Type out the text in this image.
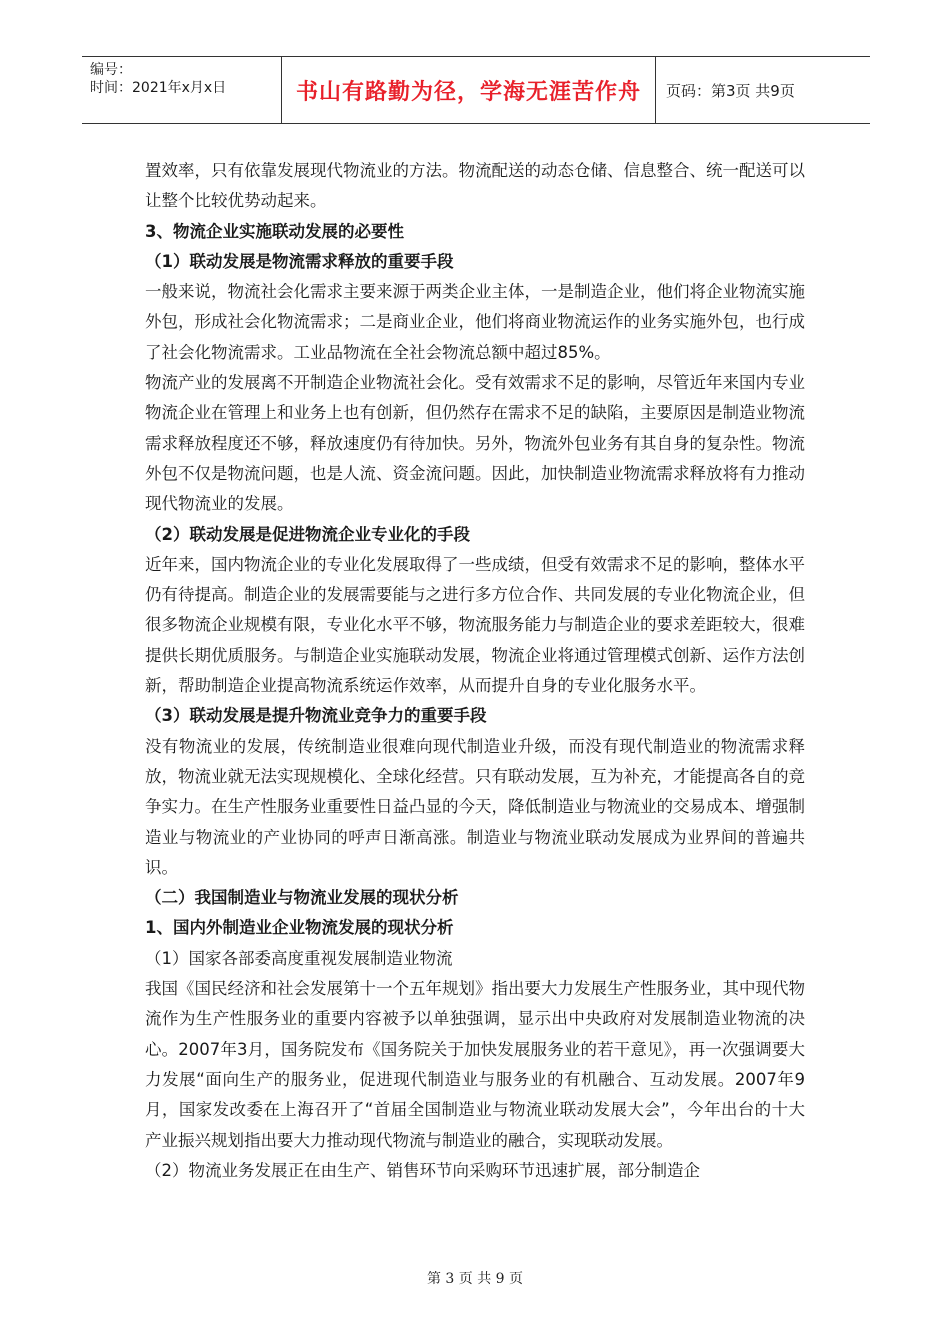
编号：
时间：2021年x月x日	书山有路勤为径，学海无涯苦作舟 页码：第3页 共9页

置效率，只有依靠发展现代物流业的方法。物流配送的动态仓储、信息整合、统一配送可以让整个比较优势动起来。

3、物流企业实施联动发展的必要性

（1）联动发展是物流需求释放的重要手段

一般来说，物流社会化需求主要来源于两类企业主体，一是制造企业，他们将企业物流实施外包，形成社会化物流需求；二是商业企业，他们将商业物流运作的业务实施外包，也行成了社会化物流需求。工业品物流在全社会物流总额中超过85%。

物流产业的发展离不开制造企业物流社会化。受有效需求不足的影响，尽管近年来国内专业物流企业在管理上和业务上也有创新，但仍然存在需求不足的缺陷，主要原因是制造业物流需求释放程度还不够，释放速度仍有待加快。另外，物流外包业务有其自身的复杂性。物流外包不仅是物流问题，也是人流、资金流问题。因此，加快制造业物流需求释放将有力推动现代物流业的发展。

（2）联动发展是促进物流企业专业化的手段

近年来，国内物流企业的专业化发展取得了一些成绩，但受有效需求不足的影响，整体水平仍有待提高。制造企业的发展需要能与之进行多方位合作、共同发展的专业化物流企业，但很多物流企业规模有限，专业化水平不够，物流服务能力与制造企业的要求差距较大，很难提供长期优质服务。与制造企业实施联动发展，物流企业将通过管理模式创新、运作方法创新，帮助制造企业提高物流系统运作效率，从而提升自身的专业化服务水平。

（3）联动发展是提升物流业竞争力的重要手段

没有物流业的发展，传统制造业很难向现代制造业升级，而没有现代制造业的物流需求释放，物流业就无法实现规模化、全球化经营。只有联动发展，互为补充，才能提高各自的竞争实力。在生产性服务业重要性日益凸显的今天，降低制造业与物流业的交易成本、增强制造业与物流业的产业协同的呼声日渐高涨。制造业与物流业联动发展成为业界间的普遍共识。

（二）我国制造业与物流业发展的现状分析

1、国内外制造业企业物流发展的现状分析

（1）国家各部委高度重视发展制造业物流

我国《国民经济和社会发展第十一个五年规划》指出要大力发展生产性服务业，其中现代物流作为生产性服务业的重要内容被予以单独强调，显示出中央政府对发展制造业物流的决心。2007年3月，国务院发布《国务院关于加快发展服务业的若干意见》，再一次强调要大力发展“面向生产的服务业，促进现代制造业与服务业的有机融合、互动发展。2007年9月，国家发改委在上海召开了“首届全国制造业与物流业联动发展大会”，今年出台的十大产业振兴规划指出要大力推动现代物流与制造业的融合，实现联动发展。

（2）物流业务发展正在由生产、销售环节向采购环节迅速扩展，部分制造企

第 3 页 共 9 页
